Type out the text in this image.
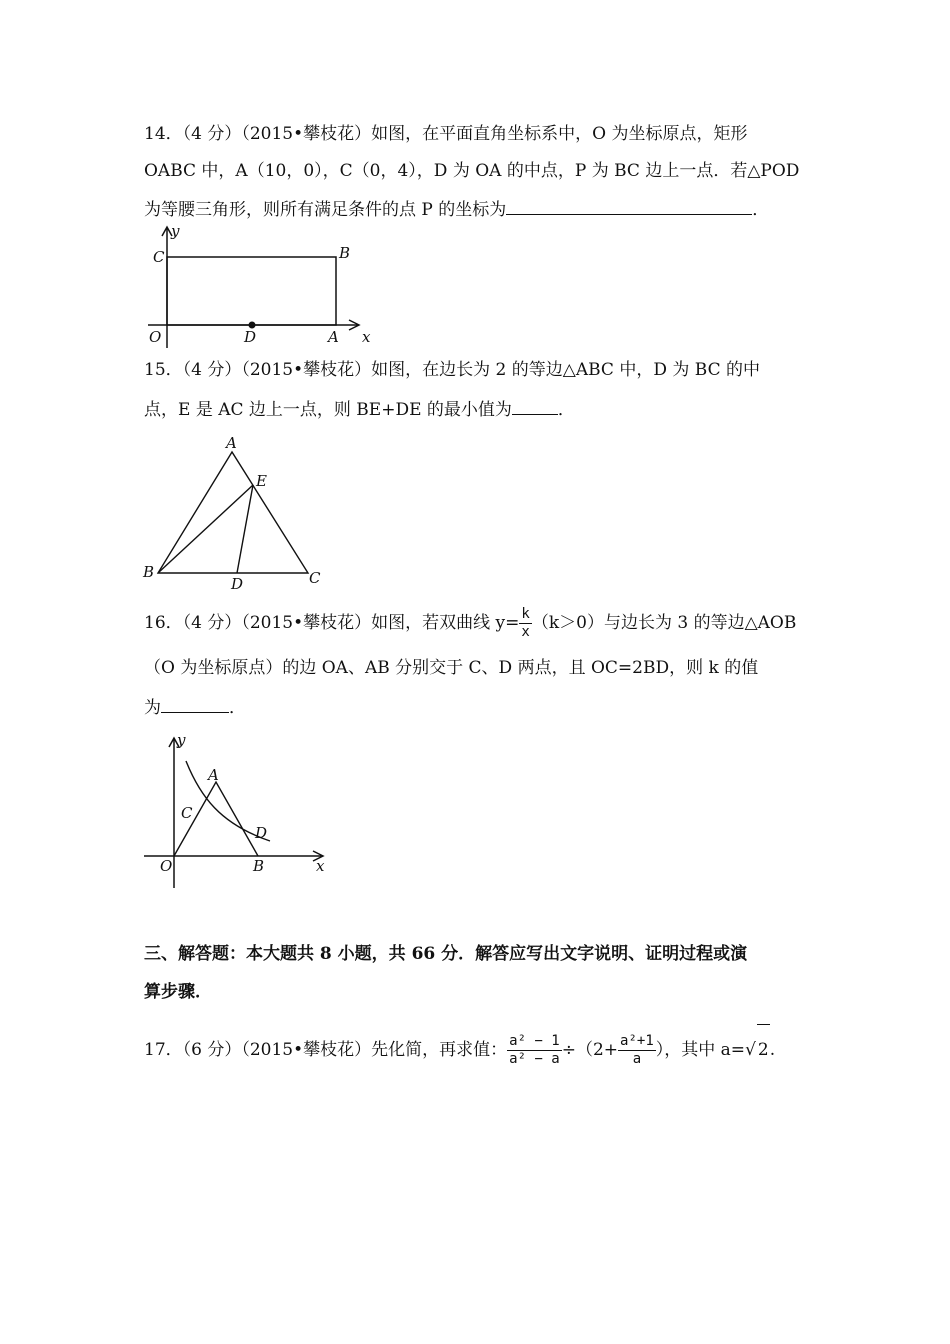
14．（4 分）（2015•攀枝花）如图，在平面直角坐标系中，O 为坐标原点，矩形
OABC 中，A（10，0），C（0，4），D 为 OA 的中点，P 为 BC 边上一点．若△POD
为等腰三角形，则所有满足条件的点 P 的坐标为	．
y
C	B
O	D	A x
15．（4 分）（2015•攀枝花）如图，在边长为 2 的等边△ABC 中，D 为 BC 的中
点，E 是 AC 边上一点，则 BE+DE 的最小值为	．
A
E
B
D	C
16．（4 分）（2015•攀枝花）如图，若双曲线 $y= \frac{k}{x} (k>0)$与边长为 3 的等边△AOB
（O 为坐标原点）的边 OA、AB 分别交于 C、D 两点，且 OC=2BD，则 k 的值
为	．
y
A
C
D
O	B	x
三、解答题：本大题共 8 小题，共 66 分．解答应写出文字说明、证明过程或演
算步骤．
17．（6 分）（2015•攀枝花）先化简，再求值： $\frac{\text{a² − 1}}{\text{a² − a}} \div(2+ \frac{\text{a²+1}}{a}$ ），其中 a=√ 2.
